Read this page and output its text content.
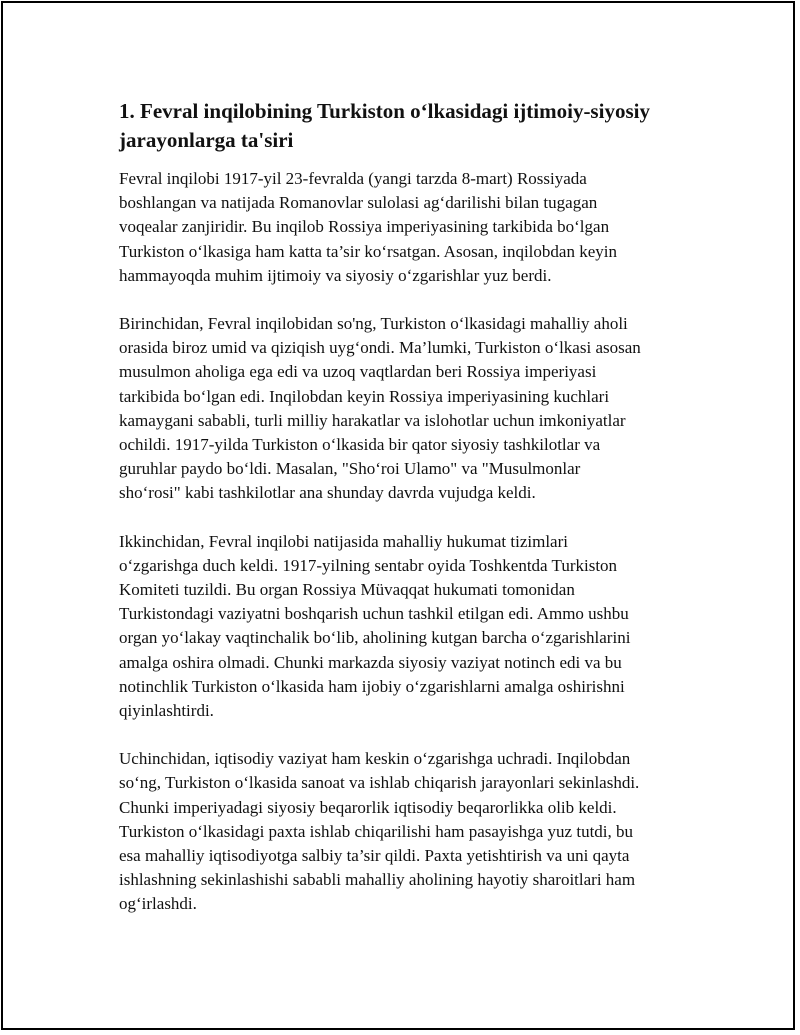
1. Fevral inqilobining Turkiston o‘lkasidagi ijtimoiy-siyosiy
jarayonlarga ta'siri

Fevral inqilobi 1917-yil 23-fevralda (yangi tarzda 8-mart) Rossiyada
boshlangan va natijada Romanovlar sulolasi ag‘darilishi bilan tugagan
voqealar zanjiridir. Bu inqilob Rossiya imperiyasining tarkibida bo‘lgan
Turkiston o‘lkasiga ham katta ta’sir ko‘rsatgan. Asosan, inqilobdan keyin
hammayoqda muhim ijtimoiy va siyosiy o‘zgarishlar yuz berdi.

Birinchidan, Fevral inqilobidan so'ng, Turkiston o‘lkasidagi mahalliy aholi
orasida biroz umid va qiziqish uyg‘ondi. Ma’lumki, Turkiston o‘lkasi asosan
musulmon aholiga ega edi va uzoq vaqtlardan beri Rossiya imperiyasi
tarkibida bo‘lgan edi. Inqilobdan keyin Rossiya imperiyasining kuchlari
kamaygani sababli, turli milliy harakatlar va islohotlar uchun imkoniyatlar
ochildi. 1917-yilda Turkiston o‘lkasida bir qator siyosiy tashkilotlar va
guruhlar paydo bo‘ldi. Masalan, "Sho‘roi Ulamo" va "Musulmonlar
sho‘rosi" kabi tashkilotlar ana shunday davrda vujudga keldi.

Ikkinchidan, Fevral inqilobi natijasida mahalliy hukumat tizimlari
o‘zgarishga duch keldi. 1917-yilning sentabr oyida Toshkentda Turkiston
Komiteti tuzildi. Bu organ Rossiya Müvaqqat hukumati tomonidan
Turkistondagi vaziyatni boshqarish uchun tashkil etilgan edi. Ammo ushbu
organ yo‘lakay vaqtinchalik bo‘lib, aholining kutgan barcha o‘zgarishlarini
amalga oshira olmadi. Chunki markazda siyosiy vaziyat notinch edi va bu
notinchlik Turkiston o‘lkasida ham ijobiy o‘zgarishlarni amalga oshirishni
qiyinlashtirdi.

Uchinchidan, iqtisodiy vaziyat ham keskin o‘zgarishga uchradi. Inqilobdan
so‘ng, Turkiston o‘lkasida sanoat va ishlab chiqarish jarayonlari sekinlashdi.
Chunki imperiyadagi siyosiy beqarorlik iqtisodiy beqarorlikka olib keldi.
Turkiston o‘lkasidagi paxta ishlab chiqarilishi ham pasayishga yuz tutdi, bu
esa mahalliy iqtisodiyotga salbiy ta’sir qildi. Paxta yetishtirish va uni qayta
ishlashning sekinlashishi sababli mahalliy aholining hayotiy sharoitlari ham
og‘irlashdi.
